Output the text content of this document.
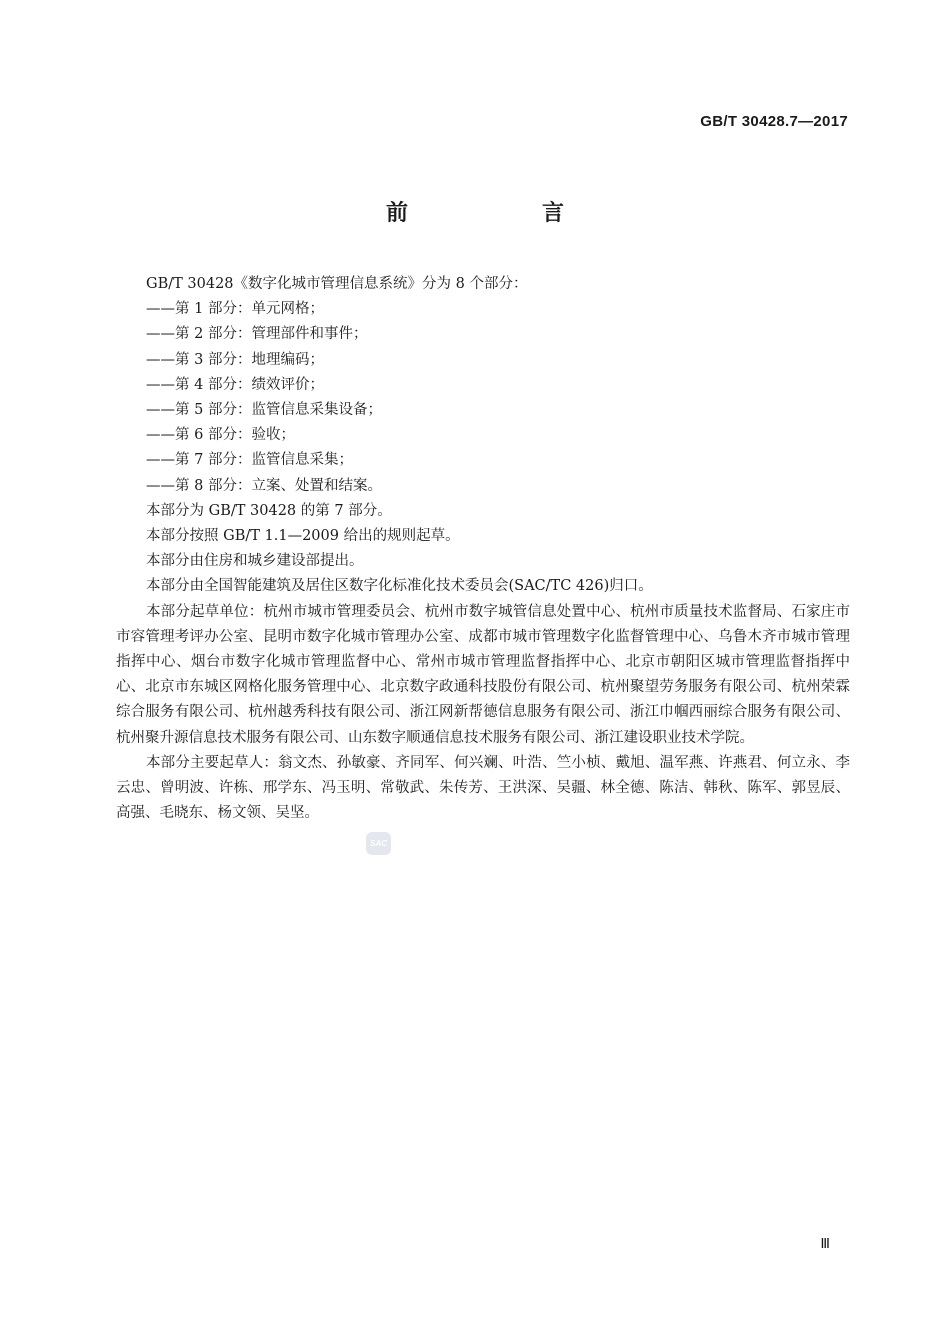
GB/T 30428.7—2017
前　言

GB/T 30428《数字化城市管理信息系统》分为 8 个部分：

——第 1 部分：单元网格；

——第 2 部分：管理部件和事件；

——第 3 部分：地理编码；

——第 4 部分：绩效评价；

——第 5 部分：监管信息采集设备；

——第 6 部分：验收；

——第 7 部分：监管信息采集；

——第 8 部分：立案、处置和结案。

本部分为 GB/T 30428 的第 7 部分。

本部分按照 GB/T 1.1—2009 给出的规则起草。

本部分由住房和城乡建设部提出。

本部分由全国智能建筑及居住区数字化标准化技术委员会(SAC/TC 426)归口。

本部分起草单位：杭州市城市管理委员会、杭州市数字城管信息处置中心、杭州市质量技术监督局、石家庄市市容管理考评办公室、昆明市数字化城市管理办公室、成都市城市管理数字化监督管理中心、乌鲁木齐市城市管理指挥中心、烟台市数字化城市管理监督中心、常州市城市管理监督指挥中心、北京市朝阳区城市管理监督指挥中心、北京市东城区网格化服务管理中心、北京数字政通科技股份有限公司、杭州聚望劳务服务有限公司、杭州荣霖综合服务有限公司、杭州越秀科技有限公司、浙江网新帮德信息服务有限公司、浙江巾帼西丽综合服务有限公司、杭州聚升源信息技术服务有限公司、山东数字顺通信息技术服务有限公司、浙江建设职业技术学院。

本部分主要起草人：翁文杰、孙敏豪、齐同军、何兴斓、叶浩、竺小桢、戴旭、温军燕、许燕君、何立永、李云忠、曾明波、许栋、邢学东、冯玉明、常敬武、朱传芳、王洪深、吴疆、林全德、陈洁、韩秋、陈军、郭昱辰、高强、毛晓东、杨文领、吴坚。

SAC
Ⅲ
